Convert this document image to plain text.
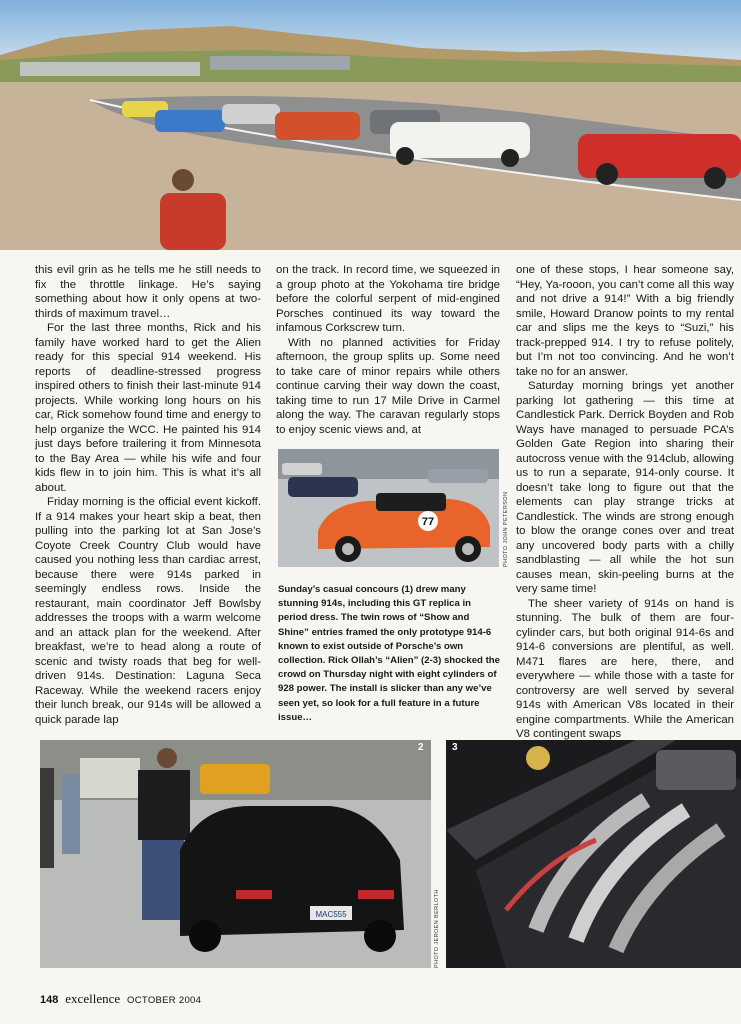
this evil grin as he tells me he still needs to fix the throttle linkage. He’s saying something about how it only opens at two-thirds of maximum travel…

For the last three months, Rick and his family have worked hard to get the Alien ready for this special 914 weekend. His reports of deadline-stressed progress inspired others to finish their last-minute 914 projects. While working long hours on his car, Rick somehow found time and energy to help organize the WCC. He painted his 914 just days before trailering it from Minnesota to the Bay Area — while his wife and four kids flew in to join him. This is what it’s all about.

Friday morning is the official event kickoff. If a 914 makes your heart skip a beat, then pulling into the parking lot at San Jose’s Coyote Creek Country Club would have caused you nothing less than cardiac arrest, because there were 914s parked in seemingly endless rows. Inside the restaurant, main coordinator Jeff Bowlsby addresses the troops with a warm welcome and an attack plan for the weekend. After breakfast, we’re to head along a route of scenic and twisty roads that beg for well-driven 914s. Destination: Laguna Seca Raceway. While the weekend racers enjoy their lunch break, our 914s will be allowed a quick parade lap

on the track. In record time, we squeezed in a group photo at the Yokohama tire bridge before the colorful serpent of mid-engined Porsches continued its way toward the infamous Corkscrew turn.

With no planned activities for Friday afternoon, the group splits up. Some need to take care of minor repairs while others continue carving their way down the coast, taking time to run 17 Mile Drive in Carmel along the way. The caravan regularly stops to enjoy scenic views and, at

77	PHOTO JOHN PETERSON
Sunday’s casual concours (1) drew many stunning 914s, including this GT replica in period dress. The twin rows of “Show and Shine” entries framed the only prototype 914-6 known to exist outside of Porsche’s own collection. Rick Ollah’s “Alien” (2-3) shocked the crowd on Thursday night with eight cylinders of 928 power. The install is slicker than any we’ve seen yet, so look for a full feature in a future issue…

one of these stops, I hear someone say, “Hey, Ya-rooon, you can’t come all this way and not drive a 914!” With a big friendly smile, Howard Dranow points to my rental car and slips me the keys to “Suzi,” his track-prepped 914. I try to refuse politely, but I’m not too convincing. And he won’t take no for an answer.

Saturday morning brings yet another parking lot gathering — this time at Candlestick Park. Derrick Boyden and Rob Ways have managed to persuade PCA’s Golden Gate Region into sharing their autocross venue with the 914club, allowing us to run a separate, 914-only course. It doesn’t take long to figure out that the elements can play strange tricks at Candlestick. The winds are strong enough to blow the orange cones over and treat any uncovered body parts with a chilly sandblasting — all while the hot sun causes mean, skin-peeling burns at the very same time!

The sheer variety of 914s on hand is stunning. The bulk of them are four-cylinder cars, but both original 914-6s and 914-6 conversions are plentiful, as well. M471 flares are here, there, and everywhere — while those with a taste for controversy are well served by several 914s with American V8s located in their engine compartments. While the American V8 contingent swaps

MAC555
2
PHOTO JEROEN BERLOTH
3
148 excellence OCTOBER 2004
